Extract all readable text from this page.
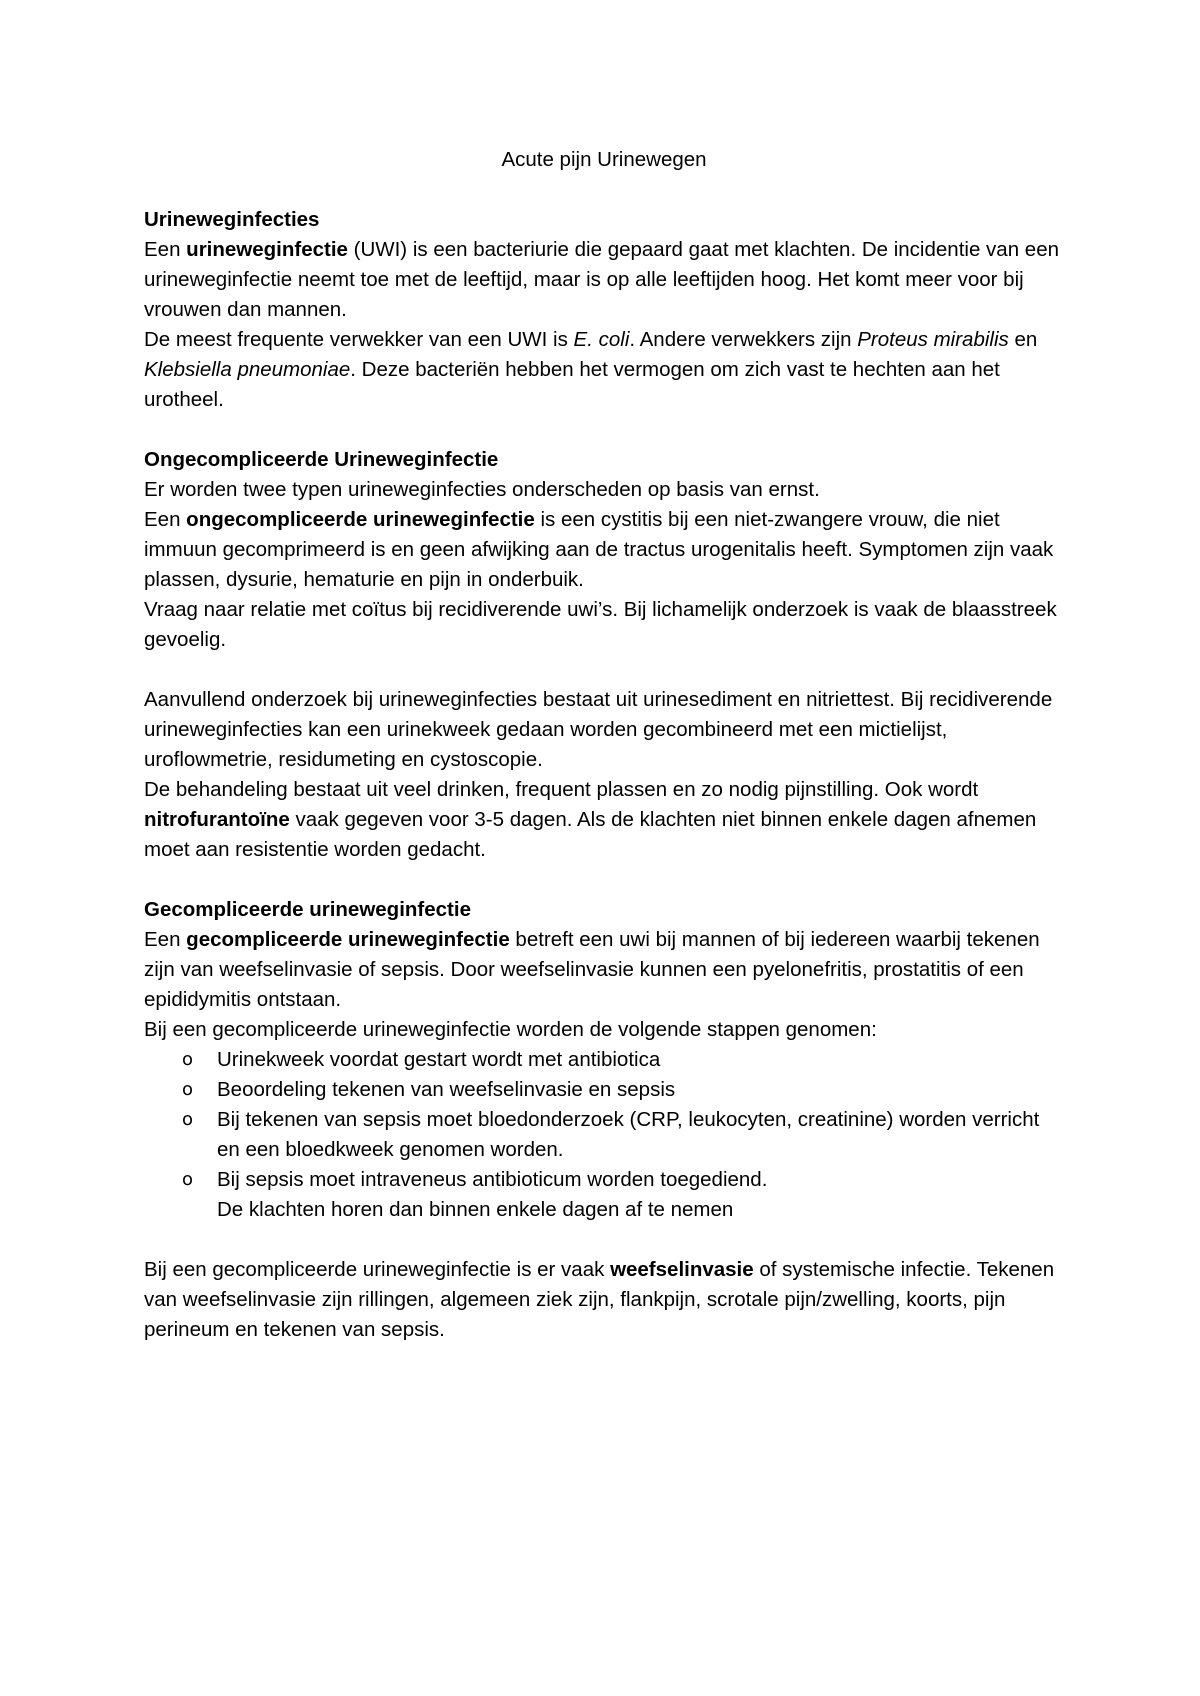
Acute pijn Urinewegen

Urineweginfecties

Een urineweginfectie (UWI) is een bacteriurie die gepaard gaat met klachten. De incidentie van een urineweginfectie neemt toe met de leeftijd, maar is op alle leeftijden hoog. Het komt meer voor bij vrouwen dan mannen.

De meest frequente verwekker van een UWI is E. coli. Andere verwekkers zijn Proteus mirabilis en Klebsiella pneumoniae. Deze bacteriën hebben het vermogen om zich vast te hechten aan het urotheel.

Ongecompliceerde Urineweginfectie

Er worden twee typen urineweginfecties onderscheden op basis van ernst.

Een ongecompliceerde urineweginfectie is een cystitis bij een niet-zwangere vrouw, die niet immuun gecomprimeerd is en geen afwijking aan de tractus urogenitalis heeft. Symptomen zijn vaak plassen, dysurie, hematurie en pijn in onderbuik.

Vraag naar relatie met coïtus bij recidiverende uwi’s. Bij lichamelijk onderzoek is vaak de blaasstreek gevoelig.

Aanvullend onderzoek bij urineweginfecties bestaat uit urinesediment en nitriettest. Bij recidiverende urineweginfecties kan een urinekweek gedaan worden gecombineerd met een mictielijst, uroflowmetrie, residumeting en cystoscopie.

De behandeling bestaat uit veel drinken, frequent plassen en zo nodig pijnstilling. Ook wordt nitrofurantoïne vaak gegeven voor 3-5 dagen. Als de klachten niet binnen enkele dagen afnemen moet aan resistentie worden gedacht.

Gecompliceerde urineweginfectie

Een gecompliceerde urineweginfectie betreft een uwi bij mannen of bij iedereen waarbij tekenen zijn van weefselinvasie of sepsis. Door weefselinvasie kunnen een pyelonefritis, prostatitis of een epididymitis ontstaan.

Bij een gecompliceerde urineweginfectie worden de volgende stappen genomen:

o Urinekweek voordat gestart wordt met antibiotica
o Beoordeling tekenen van weefselinvasie en sepsis
o Bij tekenen van sepsis moet bloedonderzoek (CRP, leukocyten, creatinine) worden verricht en een bloedkweek genomen worden.
o Bij sepsis moet intraveneus antibioticum worden toegediend.
De klachten horen dan binnen enkele dagen af te nemen

Bij een gecompliceerde urineweginfectie is er vaak weefselinvasie of systemische infectie. Tekenen van weefselinvasie zijn rillingen, algemeen ziek zijn, flankpijn, scrotale pijn/zwelling, koorts, pijn perineum en tekenen van sepsis.
